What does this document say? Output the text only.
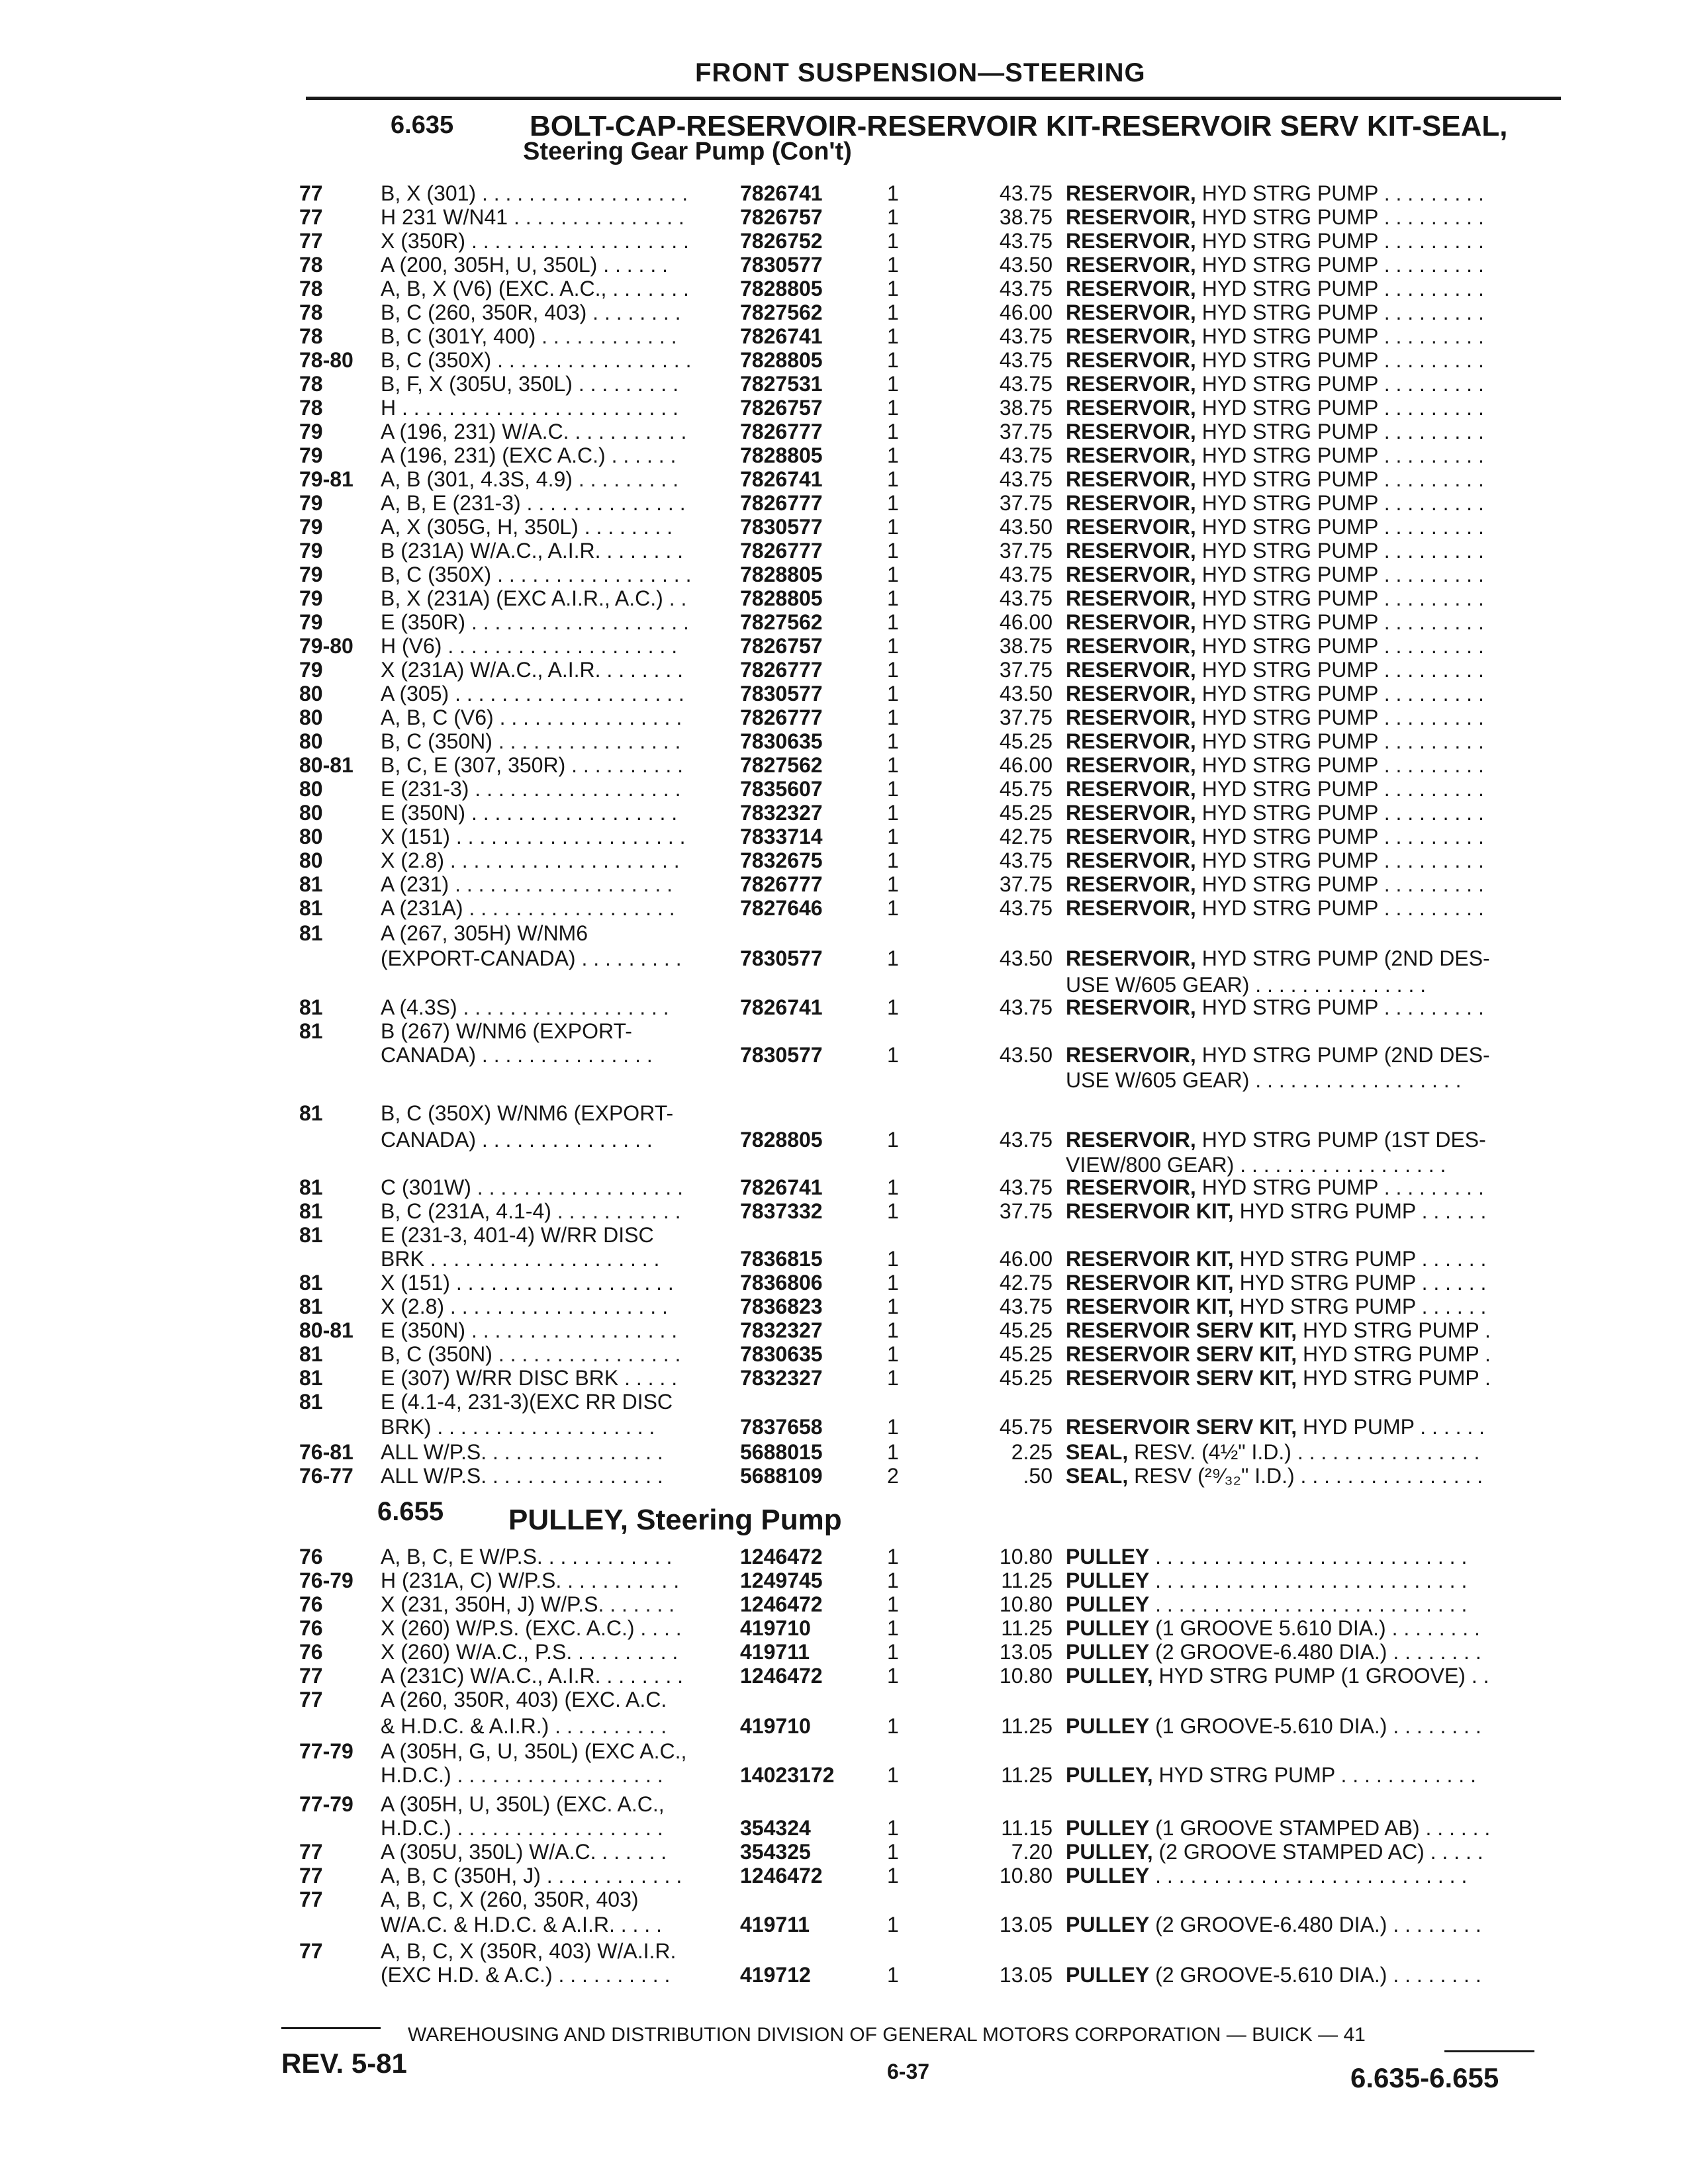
FRONT SUSPENSION—STEERING
6.635	BOLT-CAP-RESERVOIR-RESERVOIR KIT-RESERVOIR SERV KIT-SEAL,
Steering Gear Pump (Con't)
6.655 PULLEY, Steering Pump
77	B, X (301) . . . . . . . . . . . . . . . . . .	7826741	1	43.75 RESERVOIR, HYD STRG PUMP . . . . . . . . .
77	H 231 W/N41 . . . . . . . . . . . . . . .	7826757	1	38.75 RESERVOIR, HYD STRG PUMP . . . . . . . . .
77	X (350R) . . . . . . . . . . . . . . . . . . .	7826752	1	43.75 RESERVOIR, HYD STRG PUMP . . . . . . . . .
78	A (200, 305H, U, 350L) . . . . . .	7830577	1	43.50 RESERVOIR, HYD STRG PUMP . . . . . . . . .
78	A, B, X (V6) (EXC. A.C., . . . . . . .	7828805	1	43.75 RESERVOIR, HYD STRG PUMP . . . . . . . . .
78	B, C (260, 350R, 403) . . . . . . . .	7827562	1	46.00 RESERVOIR, HYD STRG PUMP . . . . . . . . .
78	B, C (301Y, 400) . . . . . . . . . . . .	7826741	1	43.75 RESERVOIR, HYD STRG PUMP . . . . . . . . .
78-80	B, C (350X) . . . . . . . . . . . . . . . . .	7828805	1	43.75 RESERVOIR, HYD STRG PUMP . . . . . . . . .
78	B, F, X (305U, 350L) . . . . . . . . .	7827531	1	43.75 RESERVOIR, HYD STRG PUMP . . . . . . . . .
78	H . . . . . . . . . . . . . . . . . . . . . . . .	7826757	1	38.75 RESERVOIR, HYD STRG PUMP . . . . . . . . .
79	A (196, 231) W/A.C. . . . . . . . . . .	7826777	1	37.75 RESERVOIR, HYD STRG PUMP . . . . . . . . .
79	A (196, 231) (EXC A.C.) . . . . . .	7828805	1	43.75 RESERVOIR, HYD STRG PUMP . . . . . . . . .
79-81	A, B (301, 4.3S, 4.9) . . . . . . . . .	7826741	1	43.75 RESERVOIR, HYD STRG PUMP . . . . . . . . .
79	A, B, E (231-3) . . . . . . . . . . . . . .	7826777	1	37.75 RESERVOIR, HYD STRG PUMP . . . . . . . . .
79	A, X (305G, H, 350L) . . . . . . . .	7830577	1	43.50 RESERVOIR, HYD STRG PUMP . . . . . . . . .
79	B (231A) W/A.C., A.I.R. . . . . . . .	7826777	1	37.75 RESERVOIR, HYD STRG PUMP . . . . . . . . .
79	B, C (350X) . . . . . . . . . . . . . . . . .	7828805	1	43.75 RESERVOIR, HYD STRG PUMP . . . . . . . . .
79	B, X (231A) (EXC A.I.R., A.C.) . .	7828805	1	43.75 RESERVOIR, HYD STRG PUMP . . . . . . . . .
79	E (350R) . . . . . . . . . . . . . . . . . . .	7827562	1	46.00 RESERVOIR, HYD STRG PUMP . . . . . . . . .
79-80	H (V6) . . . . . . . . . . . . . . . . . . . .	7826757	1	38.75 RESERVOIR, HYD STRG PUMP . . . . . . . . .
79	X (231A) W/A.C., A.I.R. . . . . . . .	7826777	1	37.75 RESERVOIR, HYD STRG PUMP . . . . . . . . .
80	A (305) . . . . . . . . . . . . . . . . . . . .	7830577	1	43.50 RESERVOIR, HYD STRG PUMP . . . . . . . . .
80	A, B, C (V6) . . . . . . . . . . . . . . . .	7826777	1	37.75 RESERVOIR, HYD STRG PUMP . . . . . . . . .
80	B, C (350N) . . . . . . . . . . . . . . . .	7830635	1	45.25 RESERVOIR, HYD STRG PUMP . . . . . . . . .
80-81	B, C, E (307, 350R) . . . . . . . . . .	7827562	1	46.00 RESERVOIR, HYD STRG PUMP . . . . . . . . .
80	E (231-3) . . . . . . . . . . . . . . . . . .	7835607	1	45.75 RESERVOIR, HYD STRG PUMP . . . . . . . . .
80	E (350N) . . . . . . . . . . . . . . . . . .	7832327	1	45.25 RESERVOIR, HYD STRG PUMP . . . . . . . . .
80	X (151) . . . . . . . . . . . . . . . . . . . .	7833714	1	42.75 RESERVOIR, HYD STRG PUMP . . . . . . . . .
80	X (2.8) . . . . . . . . . . . . . . . . . . . .	7832675	1	43.75 RESERVOIR, HYD STRG PUMP . . . . . . . . .
81	A (231) . . . . . . . . . . . . . . . . . . .	7826777	1	37.75 RESERVOIR, HYD STRG PUMP . . . . . . . . .
81	A (231A) . . . . . . . . . . . . . . . . . .	7827646	1	43.75 RESERVOIR, HYD STRG PUMP . . . . . . . . .
81	A (267, 305H) W/NM6
(EXPORT-CANADA) . . . . . . . . .	7830577	1	43.50 RESERVOIR, HYD STRG PUMP (2ND DES-
USE W/605 GEAR) . . . . . . . . . . . . . . .
81	A (4.3S) . . . . . . . . . . . . . . . . . .	7826741	1	43.75 RESERVOIR, HYD STRG PUMP . . . . . . . . .
81	B (267) W/NM6 (EXPORT-
CANADA) . . . . . . . . . . . . . . .	7830577	1	43.50 RESERVOIR, HYD STRG PUMP (2ND DES-
USE W/605 GEAR) . . . . . . . . . . . . . . . . . .
81	B, C (350X) W/NM6 (EXPORT-
CANADA) . . . . . . . . . . . . . . .	7828805	1	43.75 RESERVOIR, HYD STRG PUMP (1ST DES-
VIEW/800 GEAR) . . . . . . . . . . . . . . . . . .
81	C (301W) . . . . . . . . . . . . . . . . . .	7826741	1	43.75 RESERVOIR, HYD STRG PUMP . . . . . . . . .
81	B, C (231A, 4.1-4) . . . . . . . . . . .	7837332	1	37.75 RESERVOIR KIT, HYD STRG PUMP . . . . . .
81	E (231-3, 401-4) W/RR DISC
BRK . . . . . . . . . . . . . . . . . . . .	7836815	1	46.00 RESERVOIR KIT, HYD STRG PUMP . . . . . .
81	X (151) . . . . . . . . . . . . . . . . . . .	7836806	1	42.75 RESERVOIR KIT, HYD STRG PUMP . . . . . .
81	X (2.8) . . . . . . . . . . . . . . . . . . .	7836823	1	43.75 RESERVOIR KIT, HYD STRG PUMP . . . . . .
80-81	E (350N) . . . . . . . . . . . . . . . . . .	7832327	1	45.25 RESERVOIR SERV KIT, HYD STRG PUMP .
81	B, C (350N) . . . . . . . . . . . . . . . .	7830635	1	45.25 RESERVOIR SERV KIT, HYD STRG PUMP .
81	E (307) W/RR DISC BRK . . . . .	7832327	1	45.25 RESERVOIR SERV KIT, HYD STRG PUMP .
81	E (4.1-4, 231-3)(EXC RR DISC
BRK) . . . . . . . . . . . . . . . . . . .	7837658	1	45.75 RESERVOIR SERV KIT, HYD PUMP . . . . . .
76-81	ALL W/P.S. . . . . . . . . . . . . . . .	5688015	1	2.25 SEAL, RESV. (4½" I.D.) . . . . . . . . . . . . . . . .
76-77	ALL W/P.S. . . . . . . . . . . . . . . .	5688109	2	.50 SEAL, RESV (²⁹⁄₃₂" I.D.) . . . . . . . . . . . . . . . .
76	A, B, C, E W/P.S. . . . . . . . . . . .	1246472	1	10.80 PULLEY . . . . . . . . . . . . . . . . . . . . . . . . . . .
76-79	H (231A, C) W/P.S. . . . . . . . . . .	1249745	1	11.25 PULLEY . . . . . . . . . . . . . . . . . . . . . . . . . . .
76	X (231, 350H, J) W/P.S. . . . . . .	1246472	1	10.80 PULLEY . . . . . . . . . . . . . . . . . . . . . . . . . . .
76	X (260) W/P.S. (EXC. A.C.) . . . .	419710	1	11.25 PULLEY (1 GROOVE 5.610 DIA.) . . . . . . . .
76	X (260) W/A.C., P.S. . . . . . . . . .	419711	1	13.05 PULLEY (2 GROOVE-6.480 DIA.) . . . . . . . .
77	A (231C) W/A.C., A.I.R. . . . . . . .	1246472	1	10.80 PULLEY, HYD STRG PUMP (1 GROOVE) . .
77	A (260, 350R, 403) (EXC. A.C.
& H.D.C. & A.I.R.) . . . . . . . . . .	419710	1	11.25 PULLEY (1 GROOVE-5.610 DIA.) . . . . . . . .
77-79	A (305H, G, U, 350L) (EXC A.C.,
H.D.C.) . . . . . . . . . . . . . . . . . .	14023172	1	11.25 PULLEY, HYD STRG PUMP . . . . . . . . . . . .
77-79	A (305H, U, 350L) (EXC. A.C.,
H.D.C.) . . . . . . . . . . . . . . . . . .	354324	1	11.15 PULLEY (1 GROOVE STAMPED AB) . . . . . .
77	A (305U, 350L) W/A.C. . . . . . .	354325	1	7.20 PULLEY, (2 GROOVE STAMPED AC) . . . . .
77	A, B, C (350H, J) . . . . . . . . . . . .	1246472	1	10.80 PULLEY . . . . . . . . . . . . . . . . . . . . . . . . . . .
77	A, B, C, X (260, 350R, 403)
W/A.C. & H.D.C. & A.I.R. . . . .	419711	1	13.05 PULLEY (2 GROOVE-6.480 DIA.) . . . . . . . .
77	A, B, C, X (350R, 403) W/A.I.R.
(EXC H.D. & A.C.) . . . . . . . . . .	419712	1	13.05 PULLEY (2 GROOVE-5.610 DIA.) . . . . . . . .
WAREHOUSING AND DISTRIBUTION DIVISION OF GENERAL MOTORS CORPORATION — BUICK — 41
REV. 5-81	6-37	6.635-6.655
